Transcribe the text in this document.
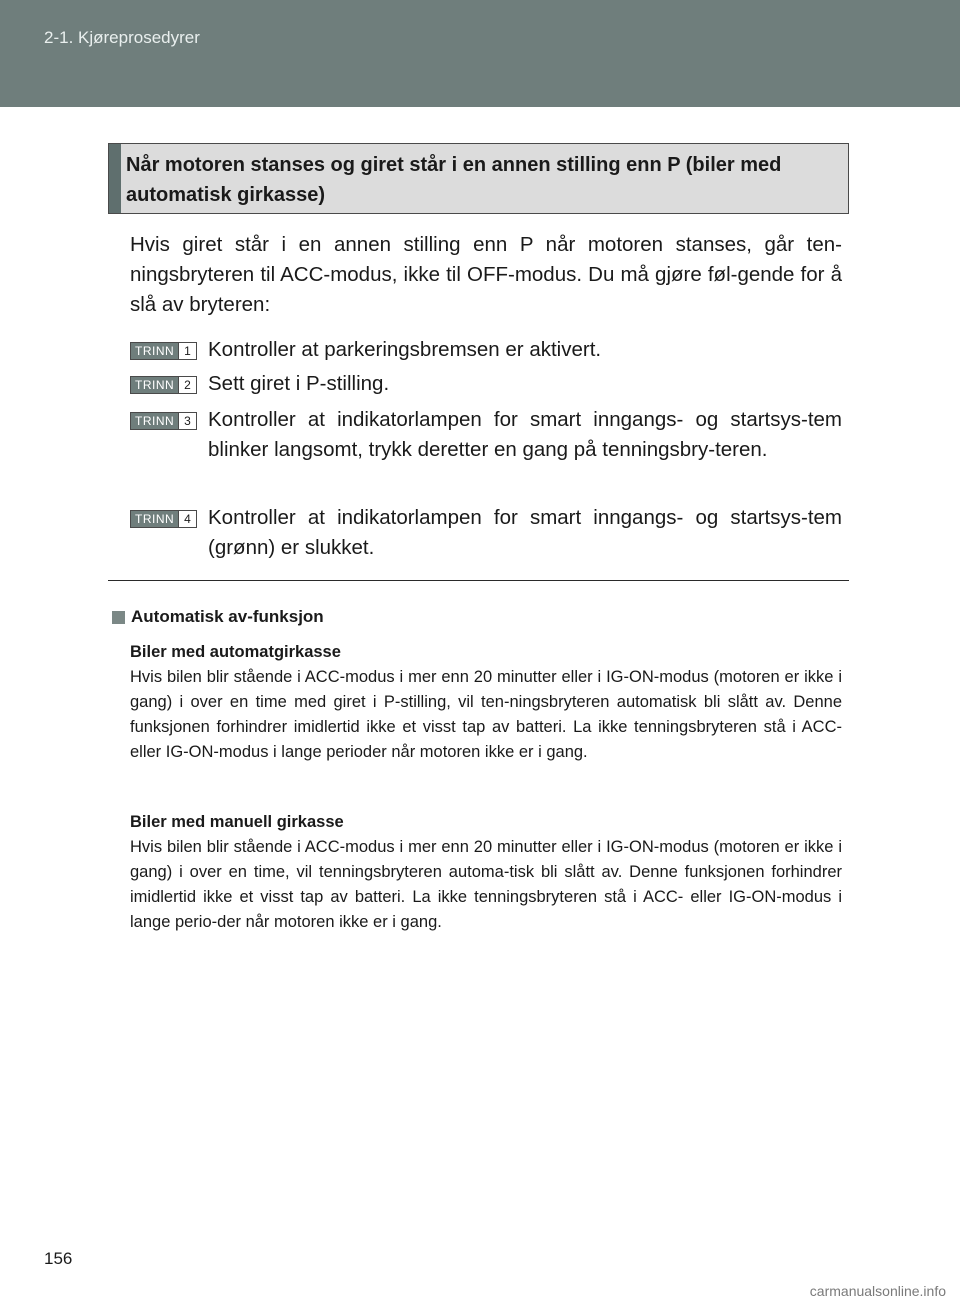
2-1. Kjøreprosedyrer
Når motoren stanses og giret står i en annen stilling enn P (biler med automatisk girkasse)

Hvis giret står i en annen stilling enn P når motoren stanses, går ten-ningsbryteren til ACC-modus, ikke til OFF-modus. Du må gjøre føl-gende for å slå av bryteren:

TRINN 1 Kontroller at parkeringsbremsen er aktivert.
TRINN 2 Sett giret i P-stilling.
TRINN 3 Kontroller at indikatorlampen for smart inngangs- og startsys-tem blinker langsomt, trykk deretter en gang på tenningsbry-teren.
TRINN 4 Kontroller at indikatorlampen for smart inngangs- og startsys-tem (grønn) er slukket.
Automatisk av-funksjon
Biler med automatgirkasse
Hvis bilen blir stående i ACC-modus i mer enn 20 minutter eller i IG-ON-modus (motoren er ikke i gang) i over en time med giret i P-stilling, vil ten-ningsbryteren automatisk bli slått av. Denne funksjonen forhindrer imidlertid ikke et visst tap av batteri. La ikke tenningsbryteren stå i ACC- eller IG-ON-modus i lange perioder når motoren ikke er i gang.
Biler med manuell girkasse
Hvis bilen blir stående i ACC-modus i mer enn 20 minutter eller i IG-ON-modus (motoren er ikke i gang) i over en time, vil tenningsbryteren automa-tisk bli slått av. Denne funksjonen forhindrer imidlertid ikke et visst tap av batteri. La ikke tenningsbryteren stå i ACC- eller IG-ON-modus i lange perio-der når motoren ikke er i gang.
156
carmanualsonline.info
